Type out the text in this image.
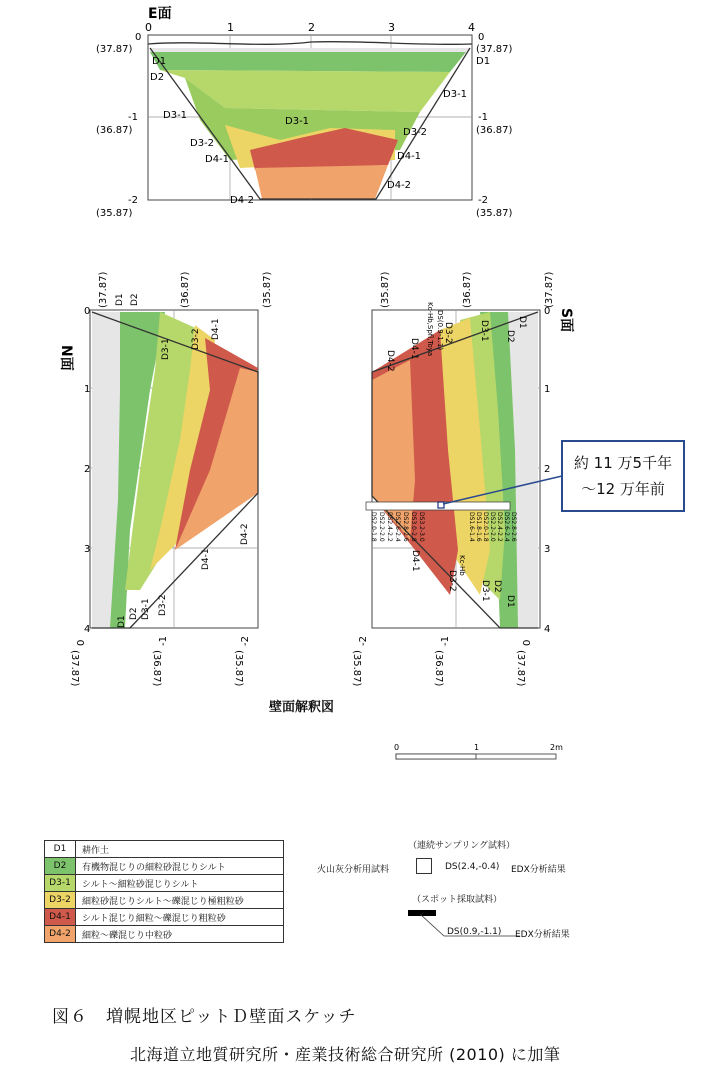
0	1	2	3	4
E面
0
(37.87)
-1
(36.87)
-2
(35.87)
0
(37.87)
-1
(36.87)
-2
(35.87)
D1	D1
D2
D3-1
D3-1
D3-1
D3-2
D3-2
D4-1	D4-1
D4-2
D4-2
N面
(37.87)	(36.87)	(35.87)
0
1
2
3
4
0	-1	-2
(37.87)	(36.87)	(35.87)
D1 D2
D3-1 D3-2 D4-1
D1
D2 D3-1 D3-2
D4-1
D4-2
S面
(35.87)	(36.87)	(37.87)
0
1
2
3
4
-2	-1	0
(35.87)	(36.87)	(37.87)
D1
D2
D3-1
D3-2
D4-1
D4-2
Kc-Hb,Spfl,Toya DS(0.9-1.1)
D1
D2
D3-1
D3-2
D4-1
DS2.0-1.8 DS2.2-2.0 DS2.4-2.2 DS2.6-2.4 DS2.8-2.6 DS3.0-2.8 DS3.2-3.0	DS1.6-1.4 DS1.8-1.6 DS2.0-1.8 DS2.2-2.0 DS2.4-2.2 DS2.6-2.4 DS2.8-2.6
Kc-Hb
約 11 万5千年
～12 万年前
壁面解釈図
0	1	2m
D1	耕作土
D2	有機物混じりの細粒砂混じりシルト
D3-1	シルト～細粒砂混じりシルト
D3-2	細粒砂混じりシルト～礫混じり極粗粒砂
D4-1	シルト混じり細粒～礫混じり粗粒砂
D4-2	細粒～礫混じり中粒砂
（連続サンプリング試料）
火山灰分析用試料	DS(2.4,-0.4) EDX分析結果
（スポット採取試料）
DS(0.9,-1.1) EDX分析結果
図６　増幌地区ピットＤ壁面スケッチ
北海道立地質研究所・産業技術総合研究所 (2010) に加筆
